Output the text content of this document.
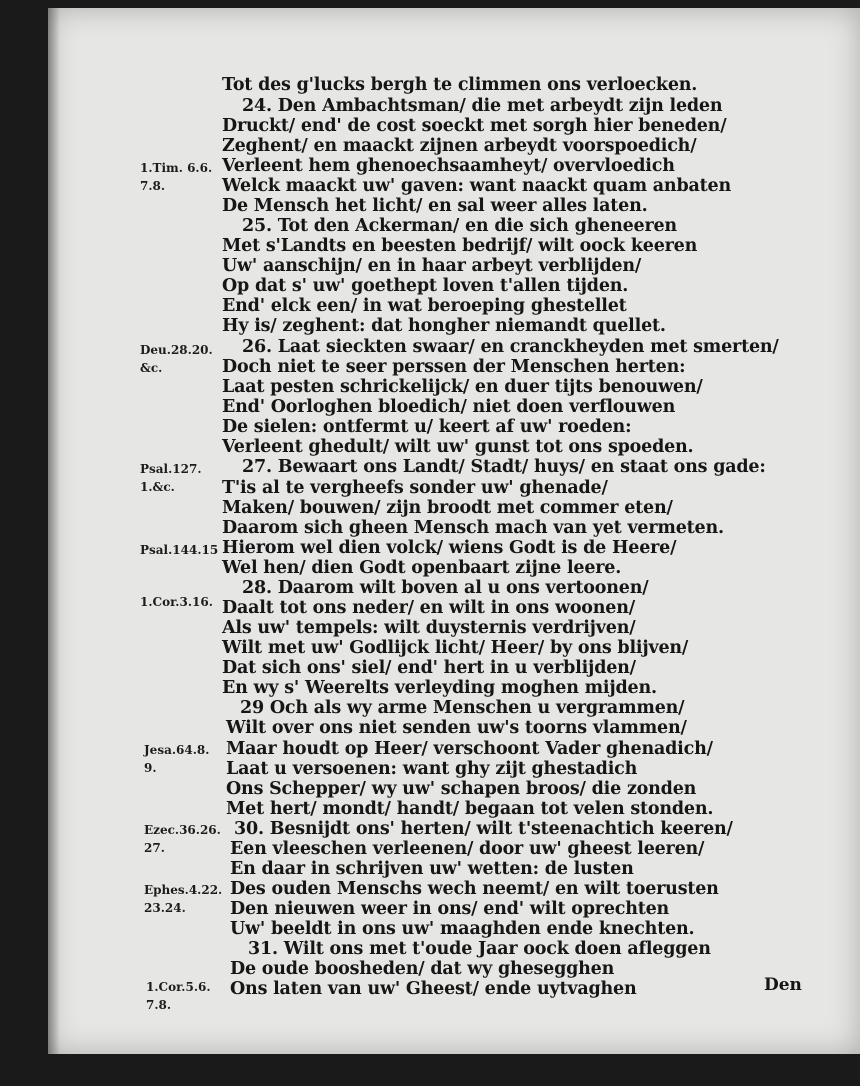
Tot des g'lucks bergh te climmen ons verloecken.
24. Den Ambachtsman/ die met arbeydt zijn leden
Druckt/ end' de cost soeckt met sorgh hier beneden/
Zeghent/ en maackt zijnen arbeydt voorspoedich/
Verleent hem ghenoechsaamheyt/ overvloedich
Welck maackt uw' gaven: want naackt quam anbaten
De Mensch het licht/ en sal weer alles laten.
25. Tot den Ackerman/ en die sich gheneeren
Met s'Landts en beesten bedrijf/ wilt oock keeren
Uw' aanschijn/ en in haar arbeyt verblijden/
Op dat s' uw' goethept loven t'allen tijden.
End' elck een/ in wat beroeping ghestellet
Hy is/ zeghent: dat hongher niemandt quellet.
26. Laat sieckten swaar/ en cranckheyden met smerten/
Doch niet te seer perssen der Menschen herten:
Laat pesten schrickelijck/ en duer tijts benouwen/
End' Oorloghen bloedich/ niet doen verflouwen
De sielen: ontfermt u/ keert af uw' roeden:
Verleent ghedult/ wilt uw' gunst tot ons spoeden.
27. Bewaart ons Landt/ Stadt/ huys/ en staat ons gade:
T'is al te vergheefs sonder uw' ghenade/
Maken/ bouwen/ zijn broodt met commer eten/
Daarom sich gheen Mensch mach van yet vermeten.
Hierom wel dien volck/ wiens Godt is de Heere/
Wel hen/ dien Godt openbaart zijne leere.
28. Daarom wilt boven al u ons vertoonen/
Daalt tot ons neder/ en wilt in ons woonen/
Als uw' tempels: wilt duysternis verdrijven/
Wilt met uw' Godlijck licht/ Heer/ by ons blijven/
Dat sich ons' siel/ end' hert in u verblijden/
En wy s' Weerelts verleyding moghen mijden.
29 Och als wy arme Menschen u vergrammen/
Wilt over ons niet senden uw's toorns vlammen/
Maar houdt op Heer/ verschoont Vader ghenadich/
Laat u versoenen: want ghy zijt ghestadich
Ons Schepper/ wy uw' schapen broos/ die zonden
Met hert/ mondt/ handt/ begaan tot velen stonden.
30. Besnijdt ons' herten/ wilt t'steenachtich keeren/
Een vleeschen verleenen/ door uw' gheest leeren/
En daar in schrijven uw' wetten: de lusten
Des ouden Menschs wech neemt/ en wilt toerusten
Den nieuwen weer in ons/ end' wilt oprechten
Uw' beeldt in ons uw' maaghden ende knechten.
31. Wilt ons met t'oude Jaar oock doen afleggen
De oude boosheden/ dat wy ghesegghen
Ons laten van uw' Gheest/ ende uytvaghen
1.Tim. 6.6.
7.8.
Deu.28.20.
&c.
Psal.127.
1.&c.
Psal.144.15
1.Cor.3.16.
Jesa.64.8.
9.
Ezec.36.26.
27.
Ephes.4.22.
23.24.
1.Cor.5.6.
7.8.
Den
